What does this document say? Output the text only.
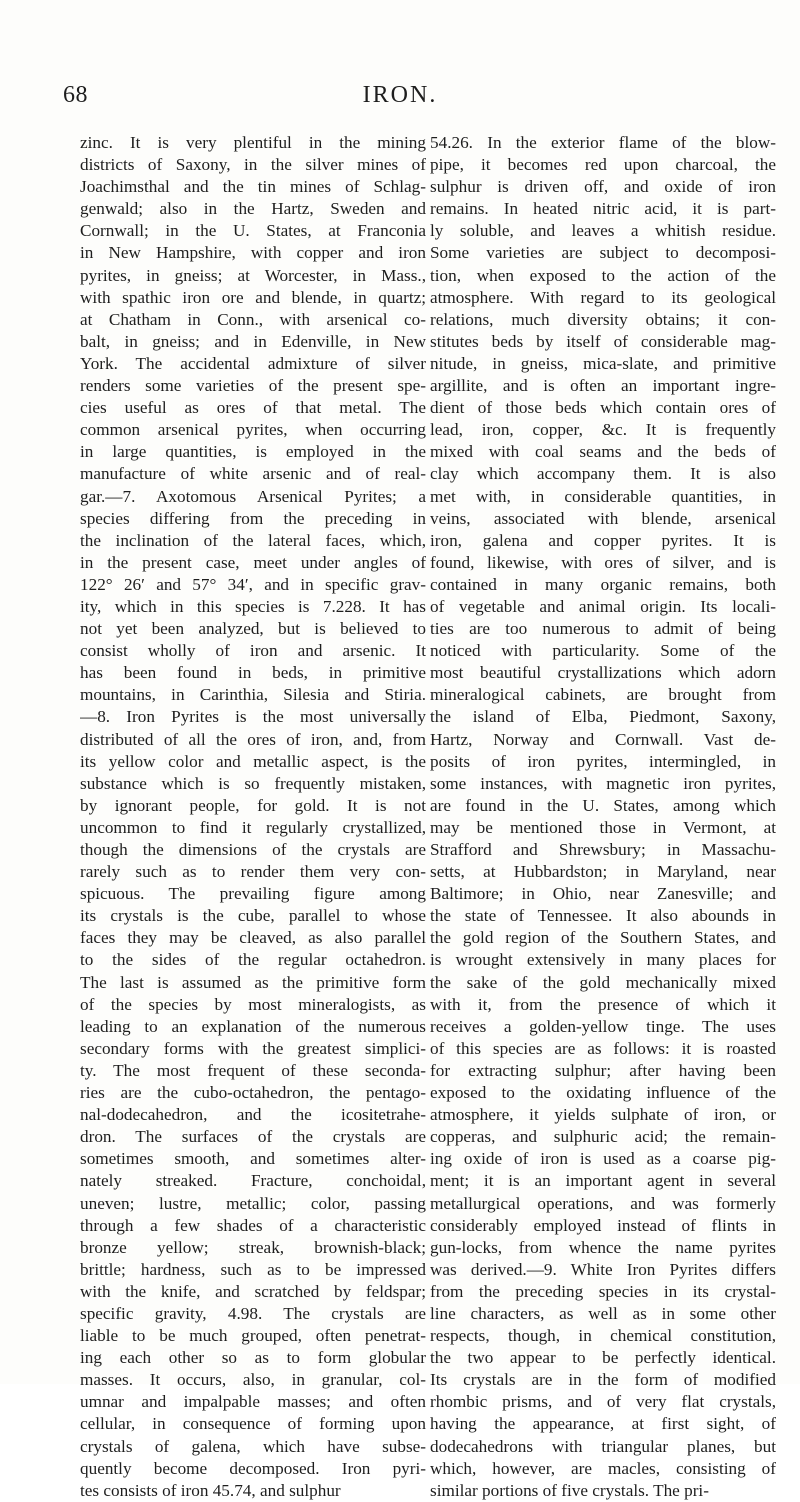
68	IRON.
zinc. It is very plentiful in the mining
districts of Saxony, in the silver mines of
Joachimsthal and the tin mines of Schlag-
genwald; also in the Hartz, Sweden and
Cornwall; in the U. States, at Franconia
in New Hampshire, with copper and iron
pyrites, in gneiss; at Worcester, in Mass.,
with spathic iron ore and blende, in quartz;
at Chatham in Conn., with arsenical co-
balt, in gneiss; and in Edenville, in New
York. The accidental admixture of silver
renders some varieties of the present spe-
cies useful as ores of that metal. The
common arsenical pyrites, when occurring
in large quantities, is employed in the
manufacture of white arsenic and of real-
gar.—7. Axotomous Arsenical Pyrites; a
species differing from the preceding in
the inclination of the lateral faces, which,
in the present case, meet under angles of
122° 26′ and 57° 34′, and in specific grav-
ity, which in this species is 7.228. It has
not yet been analyzed, but is believed to
consist wholly of iron and arsenic. It
has been found in beds, in primitive
mountains, in Carinthia, Silesia and Stiria.
—8. Iron Pyrites is the most universally
distributed of all the ores of iron, and, from
its yellow color and metallic aspect, is the
substance which is so frequently mistaken,
by ignorant people, for gold. It is not
uncommon to find it regularly crystallized,
though the dimensions of the crystals are
rarely such as to render them very con-
spicuous. The prevailing figure among
its crystals is the cube, parallel to whose
faces they may be cleaved, as also parallel
to the sides of the regular octahedron.
The last is assumed as the primitive form
of the species by most mineralogists, as
leading to an explanation of the numerous
secondary forms with the greatest simplici-
ty. The most frequent of these seconda-
ries are the cubo-octahedron, the pentago-
nal-dodecahedron, and the icositetrahe-
dron. The surfaces of the crystals are
sometimes smooth, and sometimes alter-
nately streaked. Fracture, conchoidal,
uneven; lustre, metallic; color, passing
through a few shades of a characteristic
bronze yellow; streak, brownish-black;
brittle; hardness, such as to be impressed
with the knife, and scratched by feldspar;
specific gravity, 4.98. The crystals are
liable to be much grouped, often penetrat-
ing each other so as to form globular
masses. It occurs, also, in granular, col-
umnar and impalpable masses; and often
cellular, in consequence of forming upon
crystals of galena, which have subse-
quently become decomposed. Iron pyri-
tes consists of iron 45.74, and sulphur
54.26. In the exterior flame of the blow-
pipe, it becomes red upon charcoal, the
sulphur is driven off, and oxide of iron
remains. In heated nitric acid, it is part-
ly soluble, and leaves a whitish residue.
Some varieties are subject to decomposi-
tion, when exposed to the action of the
atmosphere. With regard to its geological
relations, much diversity obtains; it con-
stitutes beds by itself of considerable mag-
nitude, in gneiss, mica-slate, and primitive
argillite, and is often an important ingre-
dient of those beds which contain ores of
lead, iron, copper, &c. It is frequently
mixed with coal seams and the beds of
clay which accompany them. It is also
met with, in considerable quantities, in
veins, associated with blende, arsenical
iron, galena and copper pyrites. It is
found, likewise, with ores of silver, and is
contained in many organic remains, both
of vegetable and animal origin. Its locali-
ties are too numerous to admit of being
noticed with particularity. Some of the
most beautiful crystallizations which adorn
mineralogical cabinets, are brought from
the island of Elba, Piedmont, Saxony,
Hartz, Norway and Cornwall. Vast de-
posits of iron pyrites, intermingled, in
some instances, with magnetic iron pyrites,
are found in the U. States, among which
may be mentioned those in Vermont, at
Strafford and Shrewsbury; in Massachu-
setts, at Hubbardston; in Maryland, near
Baltimore; in Ohio, near Zanesville; and
the state of Tennessee. It also abounds in
the gold region of the Southern States, and
is wrought extensively in many places for
the sake of the gold mechanically mixed
with it, from the presence of which it
receives a golden-yellow tinge. The uses
of this species are as follows: it is roasted
for extracting sulphur; after having been
exposed to the oxidating influence of the
atmosphere, it yields sulphate of iron, or
copperas, and sulphuric acid; the remain-
ing oxide of iron is used as a coarse pig-
ment; it is an important agent in several
metallurgical operations, and was formerly
considerably employed instead of flints in
gun-locks, from whence the name pyrites
was derived.—9. White Iron Pyrites differs
from the preceding species in its crystal-
line characters, as well as in some other
respects, though, in chemical constitution,
the two appear to be perfectly identical.
Its crystals are in the form of modified
rhombic prisms, and of very flat crystals,
having the appearance, at first sight, of
dodecahedrons with triangular planes, but
which, however, are macles, consisting of
similar portions of five crystals. The pri-
